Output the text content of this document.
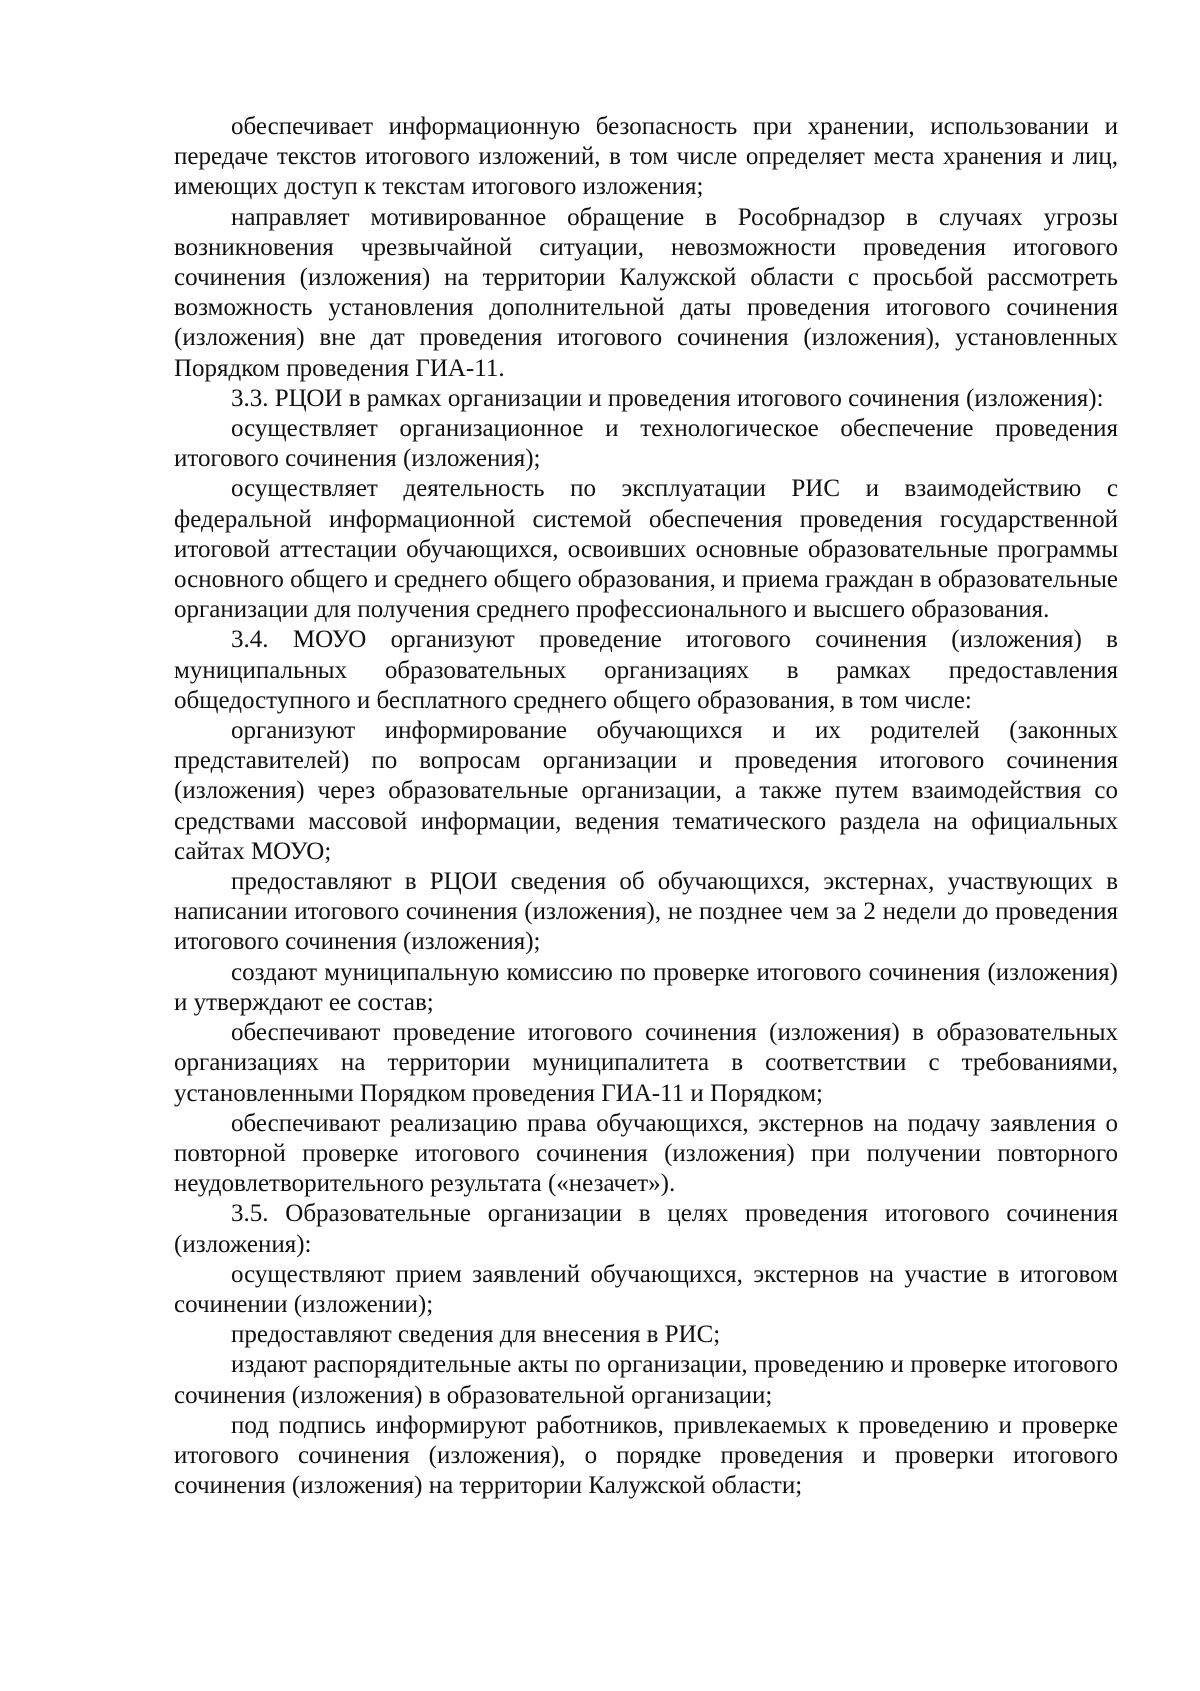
обеспечивает информационную безопасность при хранении, использовании и передаче текстов итогового изложений, в том числе определяет места хранения и лиц, имеющих доступ к текстам итогового изложения;

направляет мотивированное обращение в Рособрнадзор в случаях угрозы возникновения чрезвычайной ситуации, невозможности проведения итогового сочинения (изложения) на территории Калужской области с просьбой рассмотреть возможность установления дополнительной даты проведения итогового сочинения (изложения) вне дат проведения итогового сочинения (изложения), установленных Порядком проведения ГИА-11.

3.3. РЦОИ в рамках организации и проведения итогового сочинения (изложения):

осуществляет организационное и технологическое обеспечение проведения итогового сочинения (изложения);

осуществляет деятельность по эксплуатации РИС и взаимодействию с федеральной информационной системой обеспечения проведения государственной итоговой аттестации обучающихся, освоивших основные образовательные программы основного общего и среднего общего образования, и приема граждан в образовательные организации для получения среднего профессионального и высшего образования.

3.4. МОУО организуют проведение итогового сочинения (изложения) в муниципальных образовательных организациях в рамках предоставления общедоступного и бесплатного среднего общего образования, в том числе:

организуют информирование обучающихся и их родителей (законных представителей) по вопросам организации и проведения итогового сочинения (изложения) через образовательные организации, а также путем взаимодействия со средствами массовой информации, ведения тематического раздела на официальных сайтах МОУО;

предоставляют в РЦОИ сведения об обучающихся, экстернах, участвующих в написании итогового сочинения (изложения), не позднее чем за 2 недели до проведения итогового сочинения (изложения);

создают муниципальную комиссию по проверке итогового сочинения (изложения) и утверждают ее состав;

обеспечивают проведение итогового сочинения (изложения) в образовательных организациях на территории муниципалитета в соответствии с требованиями, установленными Порядком проведения ГИА-11 и Порядком;

обеспечивают реализацию права обучающихся, экстернов на подачу заявления о повторной проверке итогового сочинения (изложения) при получении повторного неудовлетворительного результата («незачет»).

3.5. Образовательные организации в целях проведения итогового сочинения (изложения):

осуществляют прием заявлений обучающихся, экстернов на участие в итоговом сочинении (изложении);

предоставляют сведения для внесения в РИС;

издают распорядительные акты по организации, проведению и проверке итогового сочинения (изложения) в образовательной организации;

под подпись информируют работников, привлекаемых к проведению и проверке итогового сочинения (изложения), о порядке проведения и проверки итогового сочинения (изложения) на территории Калужской области;
